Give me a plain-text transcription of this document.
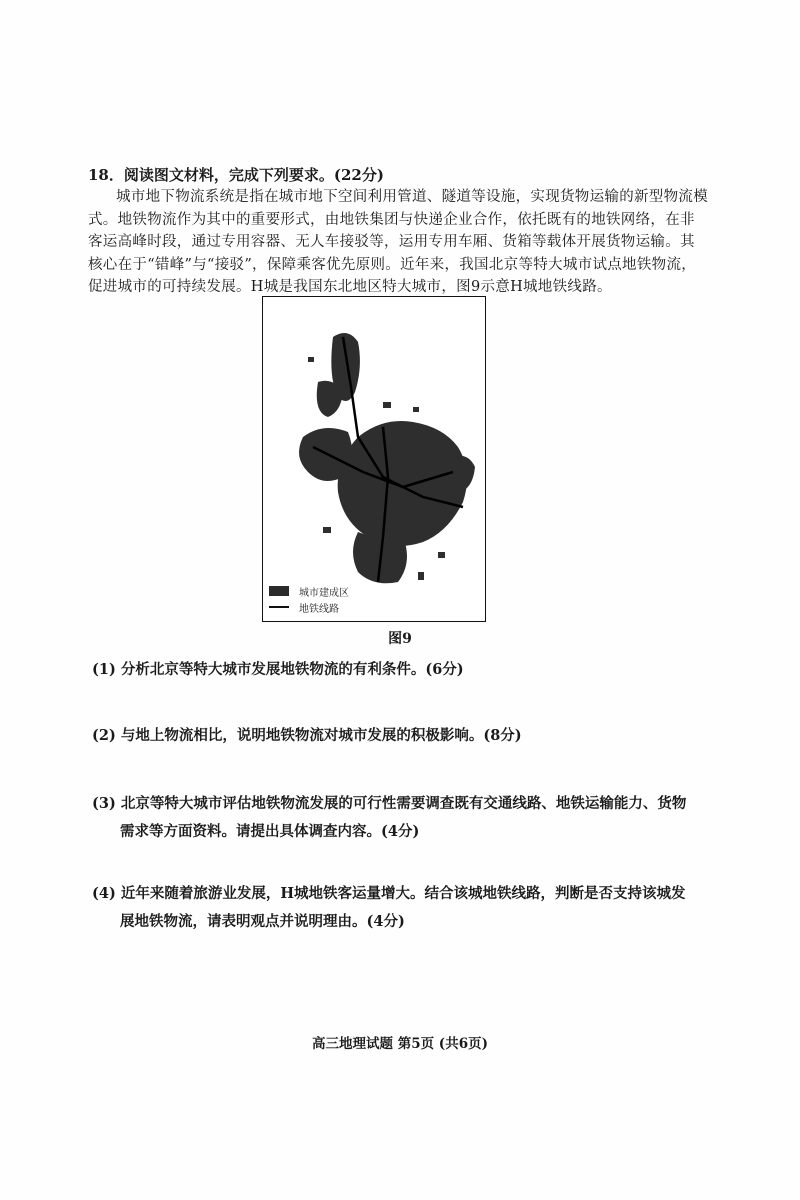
18．阅读图文材料，完成下列要求。(22分)
城市地下物流系统是指在城市地下空间利用管道、隧道等设施，实现货物运输的新型物流模式。地铁物流作为其中的重要形式，由地铁集团与快递企业合作，依托既有的地铁网络，在非客运高峰时段，通过专用容器、无人车接驳等，运用专用车厢、货箱等载体开展货物运输。其核心在于“错峰”与“接驳”，保障乘客优先原则。近年来，我国北京等特大城市试点地铁物流，促进城市的可持续发展。H城是我国东北地区特大城市，图9示意H城地铁线路。
城市建成区
地铁线路
图9
(1) 分析北京等特大城市发展地铁物流的有利条件。(6分)
(2) 与地上物流相比，说明地铁物流对城市发展的积极影响。(8分)
(3) 北京等特大城市评估地铁物流发展的可行性需要调查既有交通线路、地铁运输能力、货物
需求等方面资料。请提出具体调查内容。(4分)
(4) 近年来随着旅游业发展，H城地铁客运量增大。结合该城地铁线路，判断是否支持该城发
展地铁物流，请表明观点并说明理由。(4分)
高三地理试题 第5页 (共6页)
